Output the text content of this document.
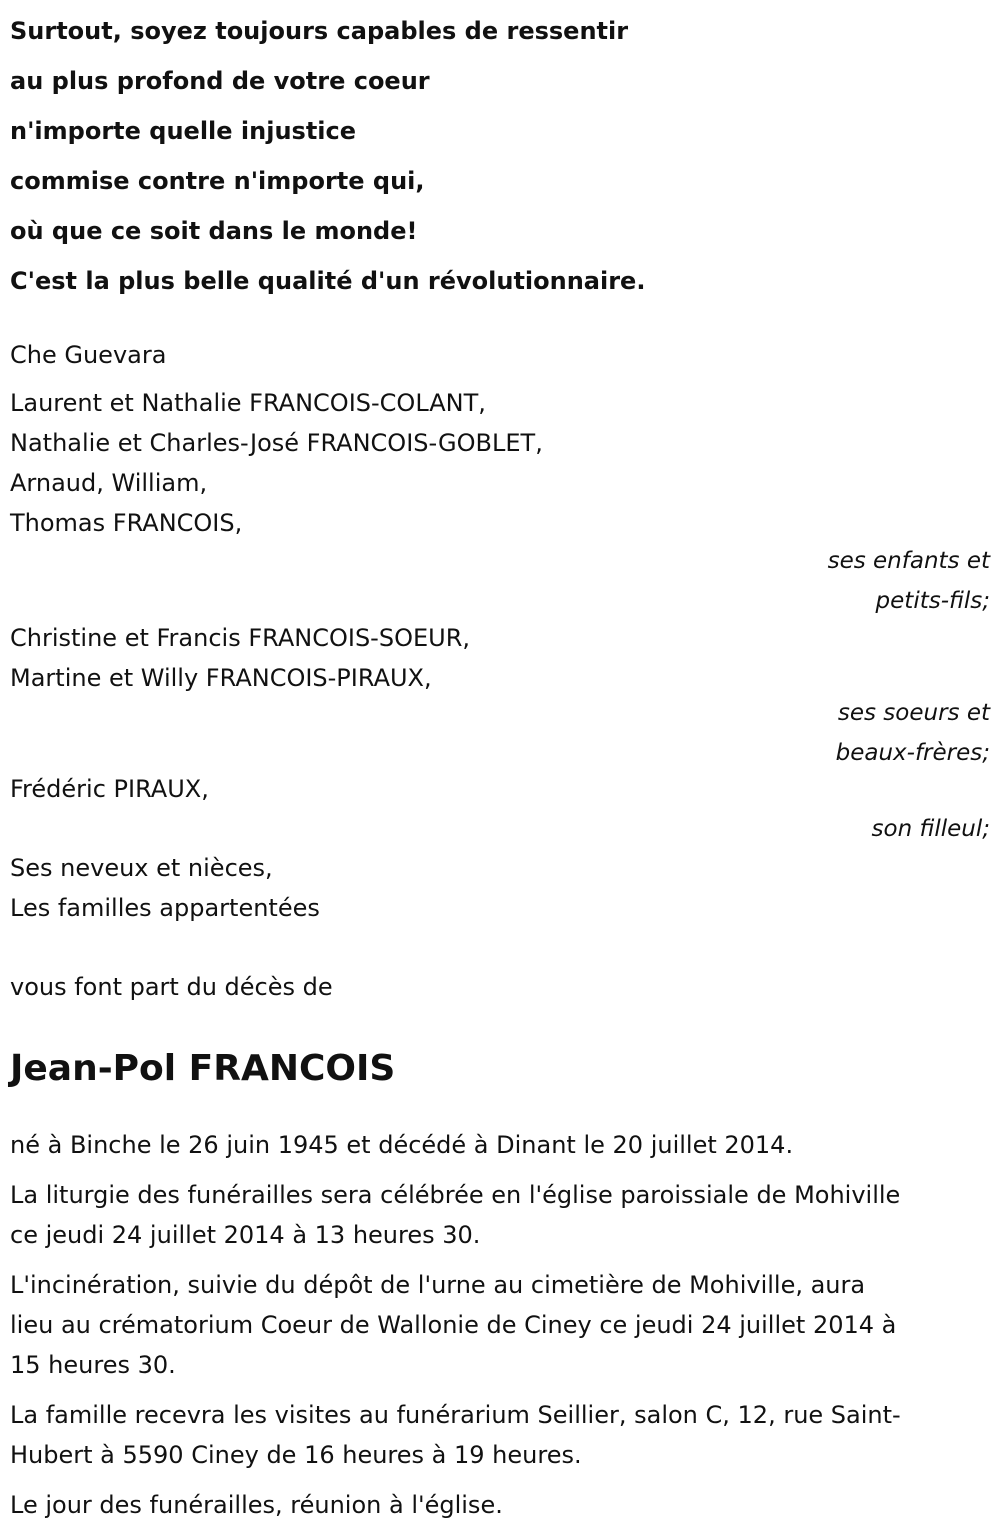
Surtout, soyez toujours capables de ressentir
au plus profond de votre coeur
n'importe quelle injustice
commise contre n'importe qui,
où que ce soit dans le monde!
C'est la plus belle qualité d'un révolutionnaire.
Che Guevara
Laurent et Nathalie FRANCOIS-COLANT,
Nathalie et Charles-José FRANCOIS-GOBLET,
Arnaud, William,
Thomas FRANCOIS,
ses enfants et
petits-fils;
Christine et Francis FRANCOIS-SOEUR,
Martine et Willy FRANCOIS-PIRAUX,
ses soeurs et
beaux-frères;
Frédéric PIRAUX,
son filleul;
Ses neveux et nièces,
Les familles appartentées
vous font part du décès de
Jean-Pol FRANCOIS
né à Binche le 26 juin 1945 et décédé à Dinant le 20 juillet 2014.
La liturgie des funérailles sera célébrée en l'église paroissiale de Mohiville
ce jeudi 24 juillet 2014 à 13 heures 30.
L'incinération, suivie du dépôt de l'urne au cimetière de Mohiville, aura
lieu au crématorium Coeur de Wallonie de Ciney ce jeudi 24 juillet 2014 à
15 heures 30.
La famille recevra les visites au funérarium Seillier, salon C, 12, rue Saint-
Hubert à 5590 Ciney de 16 heures à 19 heures.
Le jour des funérailles, réunion à l'église.
